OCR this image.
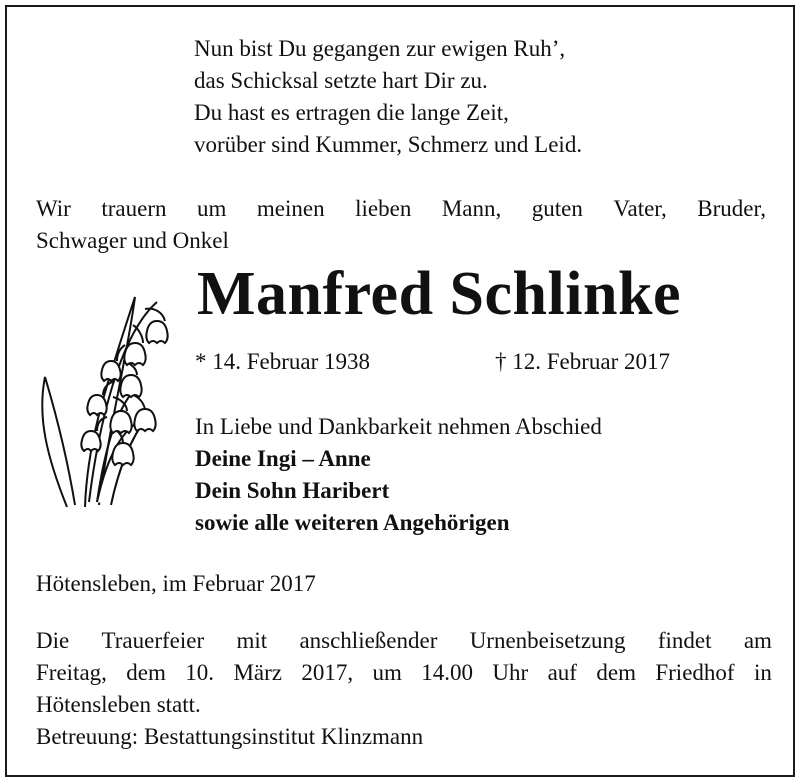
Nun bist Du gegangen zur ewigen Ruh’,
das Schicksal setzte hart Dir zu.
Du hast es ertragen die lange Zeit,
vorüber sind Kummer, Schmerz und Leid.
Wir trauern um meinen lieben Mann, guten Vater, Bruder,
Schwager und Onkel
Manfred Schlinke
* 14. Februar 1938	† 12. Februar 2017
In Liebe und Dankbarkeit nehmen Abschied
Deine Ingi – Anne
Dein Sohn Haribert
sowie alle weiteren Angehörigen
Hötensleben, im Februar 2017
Die Trauerfeier mit anschließender Urnenbeisetzung findet am
Freitag, dem 10. März 2017, um 14.00 Uhr auf dem Friedhof in
Hötensleben statt.
Betreuung: Bestattungsinstitut Klinzmann
